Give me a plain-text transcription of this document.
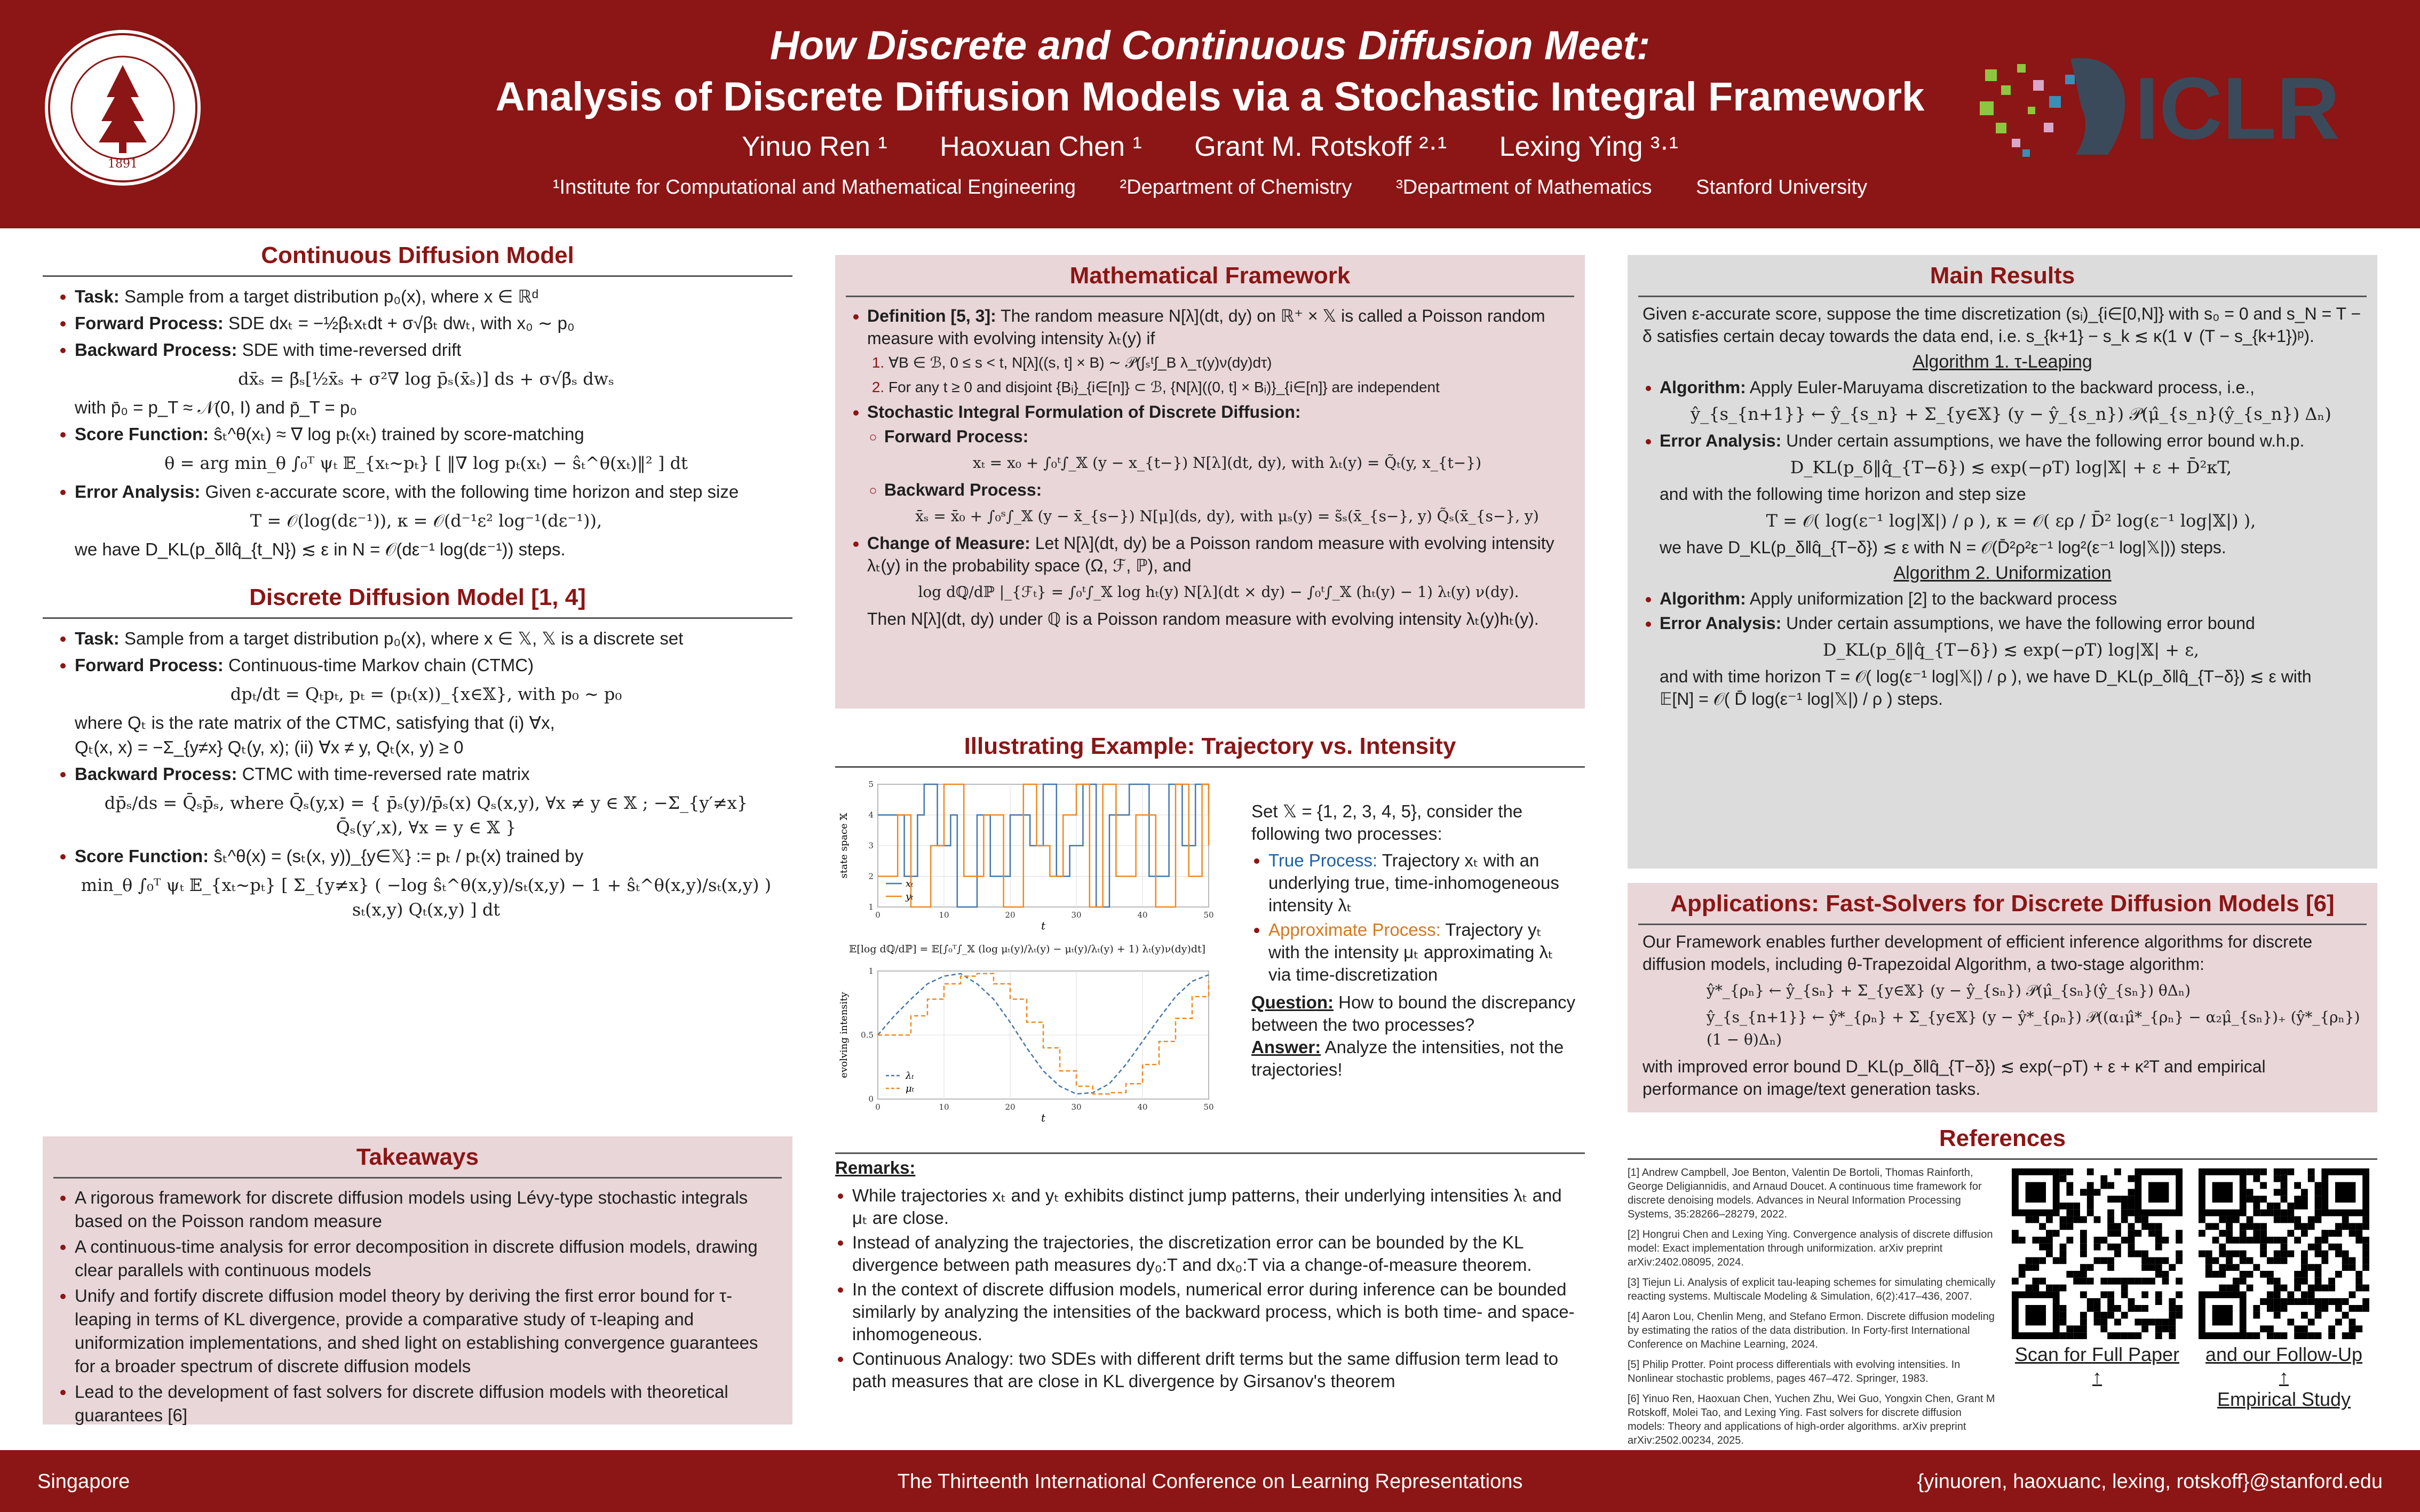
1891
How Discrete and Continuous Diffusion Meet:
Analysis of Discrete Diffusion Models via a Stochastic Integral Framework
Yinuo Ren ¹ Haoxuan Chen ¹ Grant M. Rotskoff ²·¹ Lexing Ying ³·¹
¹Institute for Computational and Mathematical Engineering ²Department of Chemistry ³Department of Mathematics Stanford University
ICLR
Continuous Diffusion Model
• Task: Sample from a target distribution p₀(x), where x ∈ ℝᵈ
• Forward Process: SDE dxₜ = −½βₜxₜdt + σ√βₜ dwₜ, with x₀ ∼ p₀
• Backward Process: SDE with time-reversed drift
dx̄ₛ = β̄ₛ[½x̄ₛ + σ²∇ log p̄ₛ(x̄ₛ)] ds + σ√β̄ₛ dwₛ
with p̄₀ = p_T ≈ 𝒩(0, I) and p̄_T = p₀
• Score Function: ŝₜ^θ(xₜ) ≈ ∇ log pₜ(xₜ) trained by score-matching
θ = arg min_θ ∫₀ᵀ ψₜ 𝔼_{xₜ∼pₜ} [ ‖∇ log pₜ(xₜ) − ŝₜ^θ(xₜ)‖² ] dt
• Error Analysis: Given ε-accurate score, with the following time horizon and step size
T = 𝒪(log(dε⁻¹)), κ = 𝒪(d⁻¹ε² log⁻¹(dε⁻¹)),
we have D_KL(p_δ‖q̂_{t_N}) ≲ ε in N = 𝒪(dε⁻¹ log(dε⁻¹)) steps.
Discrete Diffusion Model [1, 4]
• Task: Sample from a target distribution p₀(x), where x ∈ 𝕏, 𝕏 is a discrete set
• Forward Process: Continuous-time Markov chain (CTMC)
dpₜ/dt = Qₜpₜ, pₜ = (pₜ(x))_{x∈𝕏}, with p₀ ∼ p₀
where Qₜ is the rate matrix of the CTMC, satisfying that (i) ∀x,
Qₜ(x, x) = −Σ_{y≠x} Qₜ(y, x); (ii) ∀x ≠ y, Qₜ(x, y) ≥ 0
• Backward Process: CTMC with time-reversed rate matrix
dp̄ₛ/ds = Q̄ₛp̄ₛ, where Q̄ₛ(y,x) = { p̄ₛ(y)/p̄ₛ(x) Qₛ(x,y), ∀x ≠ y ∈ 𝕏 ; −Σ_{y′≠x} Q̄ₛ(y′,x), ∀x = y ∈ 𝕏 }
• Score Function: ŝₜ^θ(x) = (sₜ(x, y))_{y∈𝕏} := pₜ / pₜ(x) trained by
min_θ ∫₀ᵀ ψₜ 𝔼_{xₜ∼pₜ} [ Σ_{y≠x} ( −log ŝₜ^θ(x,y)/sₜ(x,y) − 1 + ŝₜ^θ(x,y)/sₜ(x,y) ) sₜ(x,y) Qₜ(x,y) ] dt
Takeaways
• A rigorous framework for discrete diffusion models using Lévy-type stochastic integrals based on the Poisson random measure
• A continuous-time analysis for error decomposition in discrete diffusion models, drawing clear parallels with continuous models
• Unify and fortify discrete diffusion model theory by deriving the first error bound for τ-leaping in terms of KL divergence, provide a comparative study of τ-leaping and uniformization implementations, and shed light on establishing convergence guarantees for a broader spectrum of discrete diffusion models
• Lead to the development of fast solvers for discrete diffusion models with theoretical guarantees [6]
Mathematical Framework
• Definition [5, 3]: The random measure N[λ](dt, dy) on ℝ⁺ × 𝕏 is called a Poisson random measure with evolving intensity λₜ(y) if
1. ∀B ∈ ℬ, 0 ≤ s < t, N[λ]((s, t] × B) ∼ 𝒫(∫ₛᵗ∫_B λ_τ(y)ν(dy)dτ)
2. For any t ≥ 0 and disjoint {Bᵢ}_{i∈[n]} ⊂ ℬ, {N[λ]((0, t] × Bᵢ)}_{i∈[n]} are independent
• Stochastic Integral Formulation of Discrete Diffusion:
◦ Forward Process:
xₜ = x₀ + ∫₀ᵗ∫_𝕏 (y − x_{t−}) N[λ](dt, dy), with λₜ(y) = Q̃ₜ(y, x_{t−})
◦ Backward Process:
x̄ₛ = x̄₀ + ∫₀ˢ∫_𝕏 (y − x̄_{s−}) N[μ](ds, dy), with μₛ(y) = s̃ₛ(x̄_{s−}, y) Q̃ₛ(x̄_{s−}, y)
• Change of Measure: Let N[λ](dt, dy) be a Poisson random measure with evolving intensity λₜ(y) in the probability space (Ω, ℱ, ℙ), and
log dℚ/dℙ |_{ℱₜ} = ∫₀ᵗ∫_𝕏 log hₜ(y) N[λ](dt × dy) − ∫₀ᵗ∫_𝕏 (hₜ(y) − 1) λₜ(y) ν(dy).
Then N[λ](dt, dy) under ℚ is a Poisson random measure with evolving intensity λₜ(y)hₜ(y).
Illustrating Example: Trajectory vs. Intensity
0	10	20	30	40	50
1
2
3
4
5
t
state space 𝕏
xₜ
yₜ
𝔼[log dℚ/dℙ] = 𝔼[∫₀ᵀ∫_𝕏 (log μₜ(y)/λₜ(y) − μₜ(y)/λₜ(y) + 1) λₜ(y)ν(dy)dt]
0	10	20	30	40	50
0
0.5
1
t
evolving intensity	λₜ
μₜ
Set 𝕏 = {1, 2, 3, 4, 5}, consider the following two processes:
• True Process: Trajectory xₜ with an underlying true, time-inhomogeneous intensity λₜ
• Approximate Process: Trajectory yₜ with the intensity μₜ approximating λₜ via time-discretization
Question: How to bound the discrepancy between the two processes?
Answer: Analyze the intensities, not the trajectories!
Remarks:
• While trajectories xₜ and yₜ exhibits distinct jump patterns, their underlying intensities λₜ and μₜ are close.
• Instead of analyzing the trajectories, the discretization error can be bounded by the KL divergence between path measures dy₀:T and dx₀:T via a change-of-measure theorem.
• In the context of discrete diffusion models, numerical error during inference can be bounded similarly by analyzing the intensities of the backward process, which is both time- and space-inhomogeneous.
• Continuous Analogy: two SDEs with different drift terms but the same diffusion term lead to path measures that are close in KL divergence by Girsanov's theorem
Main Results
Given ε-accurate score, suppose the time discretization (sᵢ)_{i∈[0,N]} with s₀ = 0 and s_N = T − δ satisfies certain decay towards the data end, i.e. s_{k+1} − s_k ≲ κ(1 ∨ (T − s_{k+1})ᵖ).
Algorithm 1. τ-Leaping
• Algorithm: Apply Euler-Maruyama discretization to the backward process, i.e.,
ŷ_{s_{n+1}} ← ŷ_{s_n} + Σ_{y∈𝕏} (y − ŷ_{s_n}) 𝒫(μ̂_{s_n}(ŷ_{s_n}) Δₙ)
• Error Analysis: Under certain assumptions, we have the following error bound w.h.p.
D_KL(p_δ‖q̂_{T−δ}) ≲ exp(−ρT) log|𝕏| + ε + D̄²κT,
and with the following time horizon and step size
T = 𝒪( log(ε⁻¹ log|𝕏|) / ρ ), κ = 𝒪( ερ / D̄² log(ε⁻¹ log|𝕏|) ),
we have D_KL(p_δ‖q̂_{T−δ}) ≲ ε with N = 𝒪(D̄²ρ²ε⁻¹ log²(ε⁻¹ log|𝕏|)) steps.
Algorithm 2. Uniformization
• Algorithm: Apply uniformization [2] to the backward process
• Error Analysis: Under certain assumptions, we have the following error bound
D_KL(p_δ‖q̂_{T−δ}) ≲ exp(−ρT) log|𝕏| + ε,
and with time horizon T = 𝒪( log(ε⁻¹ log|𝕏|) / ρ ), we have D_KL(p_δ‖q̂_{T−δ}) ≲ ε with
𝔼[N] = 𝒪( D̄ log(ε⁻¹ log|𝕏|) / ρ ) steps.
Applications: Fast-Solvers for Discrete Diffusion Models [6]
Our Framework enables further development of efficient inference algorithms for discrete diffusion models, including θ-Trapezoidal Algorithm, a two-stage algorithm:
ŷ*_{ρₙ} ← ŷ_{sₙ} + Σ_{y∈𝕏} (y − ŷ_{sₙ}) 𝒫(μ̂_{sₙ}(ŷ_{sₙ}) θΔₙ)
ŷ_{s_{n+1}} ← ŷ*_{ρₙ} + Σ_{y∈𝕏} (y − ŷ*_{ρₙ}) 𝒫((α₁μ̂*_{ρₙ} − α₂μ̂_{sₙ})₊ (ŷ*_{ρₙ})(1 − θ)Δₙ)
with improved error bound D_KL(p_δ‖q̂_{T−δ}) ≲ exp(−ρT) + ε + κ²T and empirical performance on image/text generation tasks.
References
[1] Andrew Campbell, Joe Benton, Valentin De Bortoli, Thomas Rainforth, George Deligiannidis, and Arnaud Doucet. A continuous time framework for discrete denoising models. Advances in Neural Information Processing Systems, 35:28266–28279, 2022.
[2] Hongrui Chen and Lexing Ying. Convergence analysis of discrete diffusion model: Exact implementation through uniformization. arXiv preprint arXiv:2402.08095, 2024.
[3] Tiejun Li. Analysis of explicit tau-leaping schemes for simulating chemically reacting systems. Multiscale Modeling & Simulation, 6(2):417–436, 2007.
[4] Aaron Lou, Chenlin Meng, and Stefano Ermon. Discrete diffusion modeling by estimating the ratios of the data distribution. In Forty-first International Conference on Machine Learning, 2024.
[5] Philip Protter. Point process differentials with evolving intensities. In Nonlinear stochastic problems, pages 467–472. Springer, 1983.
[6] Yinuo Ren, Haoxuan Chen, Yuchen Zhu, Wei Guo, Yongxin Chen, Grant M Rotskoff, Molei Tao, and Lexing Ying. Fast solvers for discrete diffusion models: Theory and applications of high-order algorithms. arXiv preprint arXiv:2502.00234, 2025.
Scan for Full Paper ↑
and our Follow-Up ↑
Empirical Study
Singapore	The Thirteenth International Conference on Learning Representations	{yinuoren, haoxuanc, lexing, rotskoff}@stanford.edu
